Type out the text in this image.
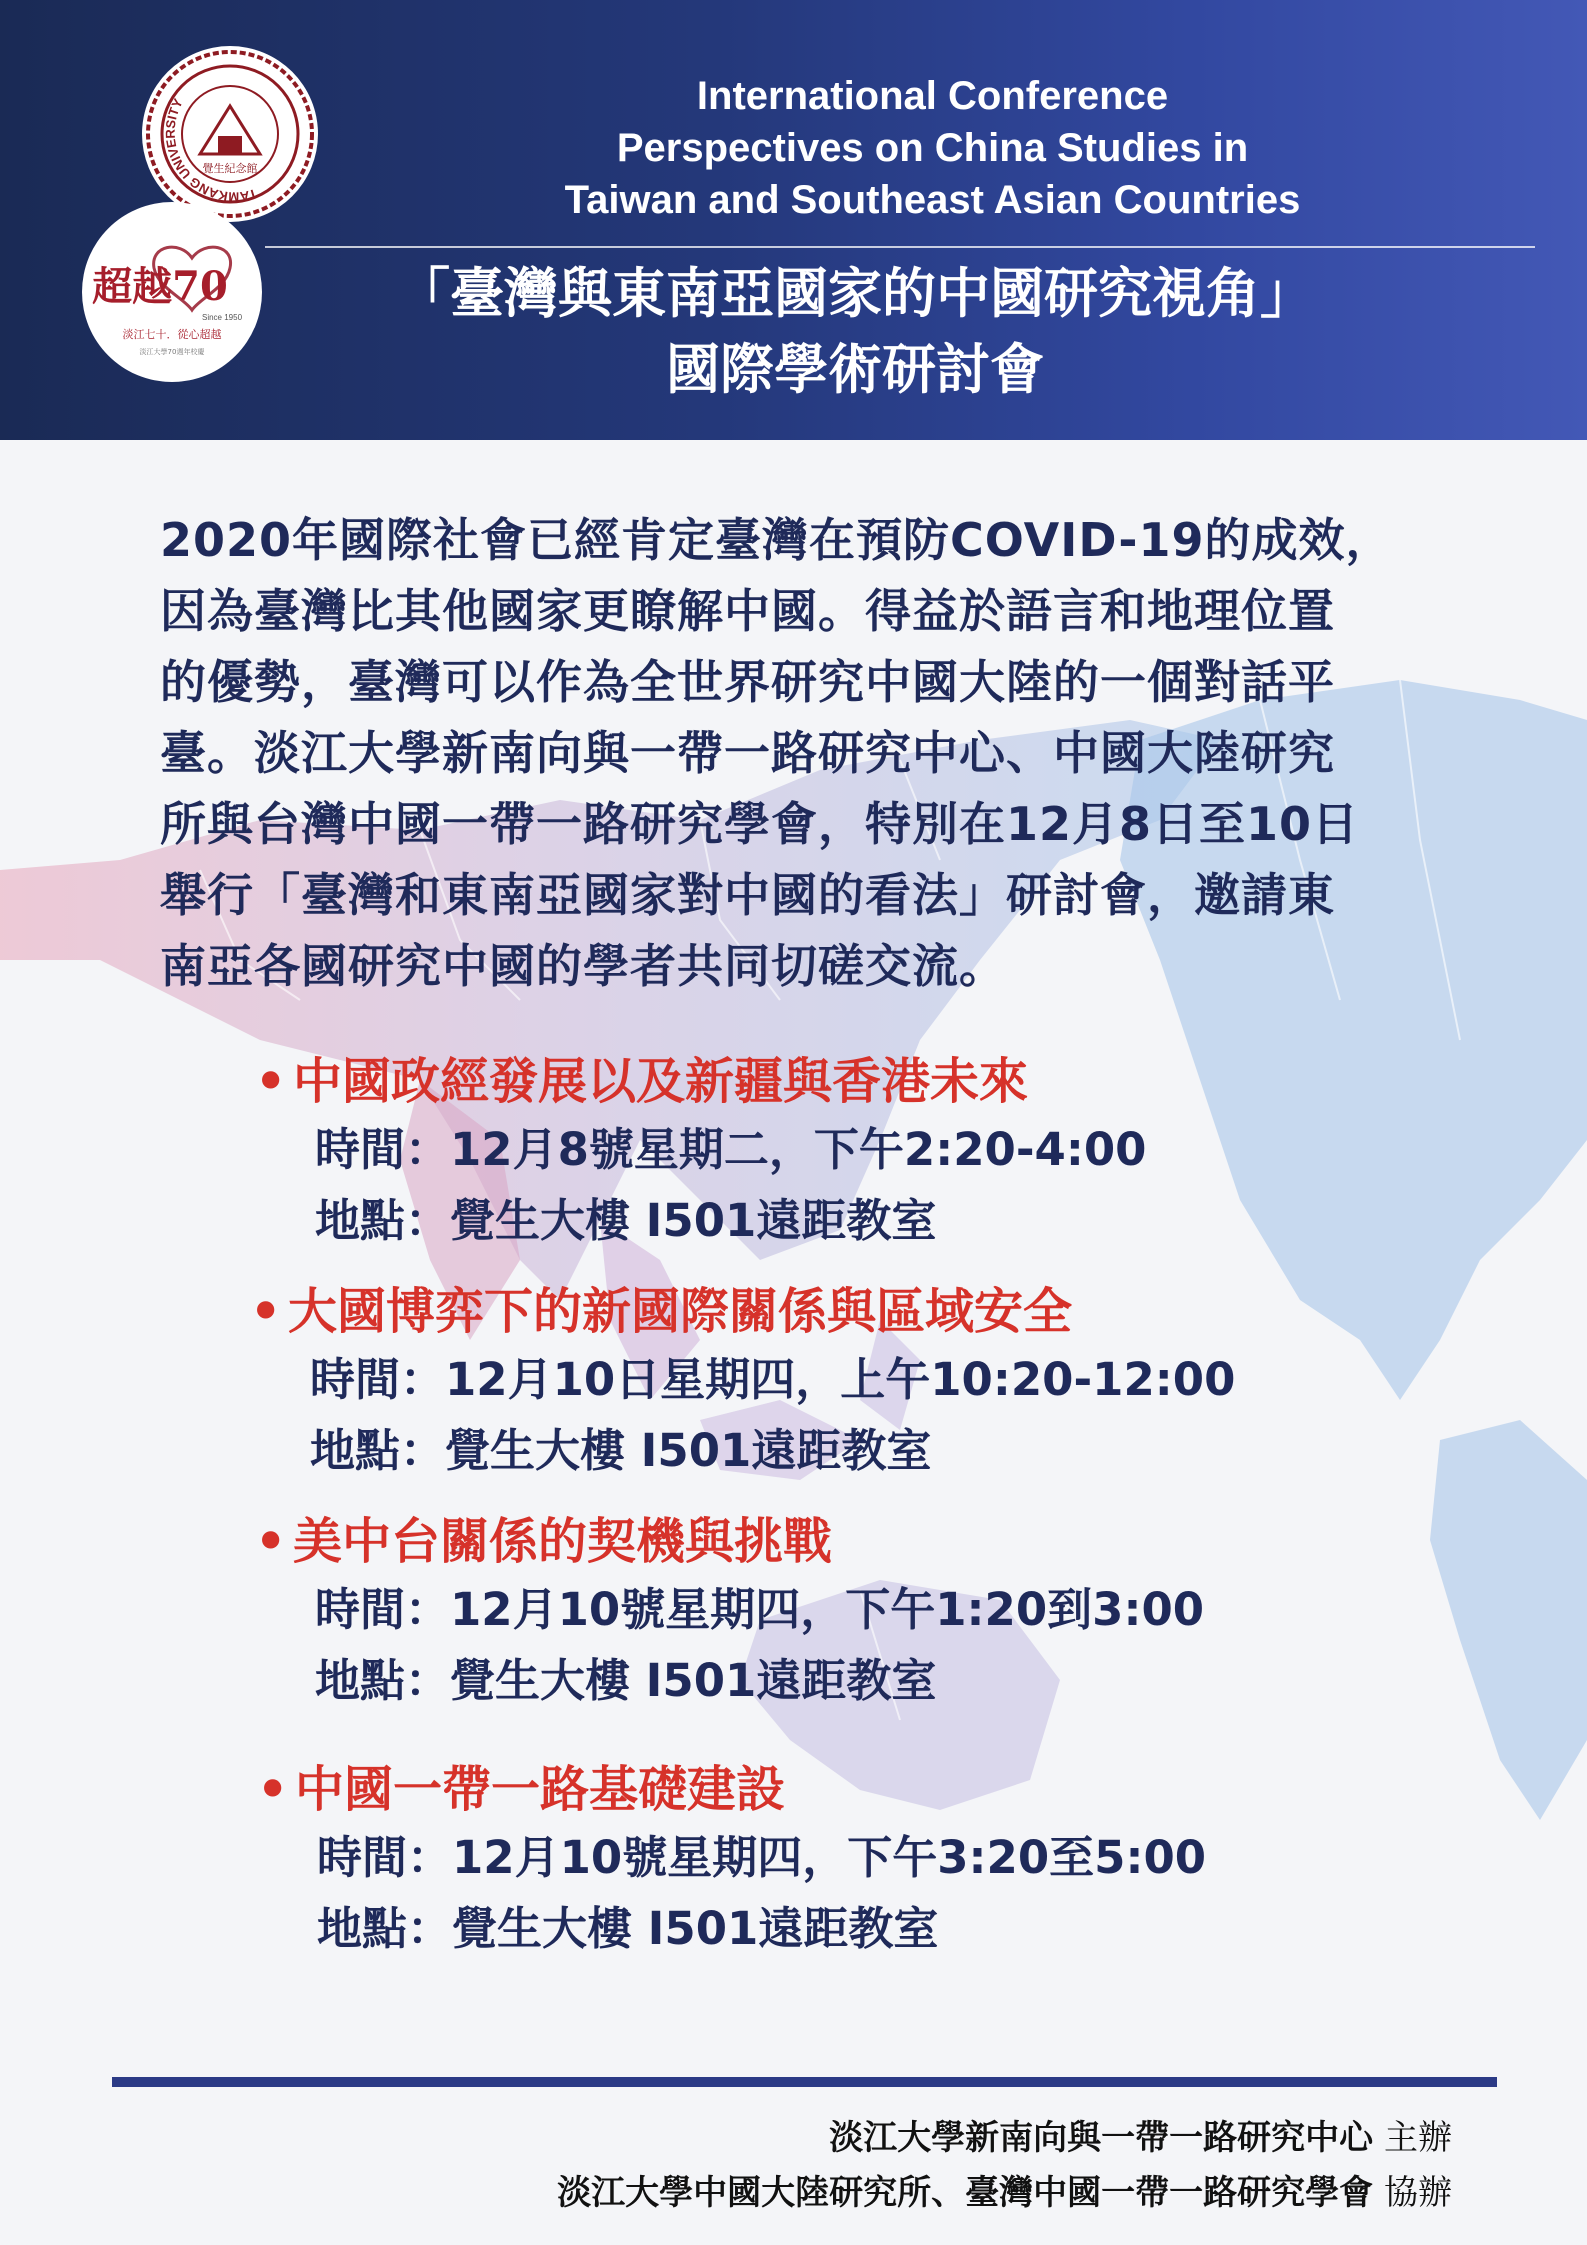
TAMKANG UNIVERSITY
覺生紀念館
超越70
Since 1950
淡江七十．從心超越
淡江大學70週年校慶
International Conference
Perspectives on China Studies in
Taiwan and Southeast Asian Countries
「臺灣與東南亞國家的中國研究視角」
國際學術研討會
2020年國際社會已經肯定臺灣在預防COVID-19的成效，
因為臺灣比其他國家更瞭解中國。得益於語言和地理位置
的優勢，臺灣可以作為全世界研究中國大陸的一個對話平
臺。淡江大學新南向與一帶一路研究中心、中國大陸研究
所與台灣中國一帶一路研究學會，特別在12月8日至10日
舉行「臺灣和東南亞國家對中國的看法」研討會，邀請東
南亞各國研究中國的學者共同切磋交流。
• 中國政經發展以及新疆與香港未來
時間：12月8號星期二，下午2:20-4:00
地點：覺生大樓 I501遠距教室
• 大國博弈下的新國際關係與區域安全
時間：12月10日星期四，上午10:20-12:00
地點：覺生大樓 I501遠距教室
• 美中台關係的契機與挑戰
時間：12月10號星期四，下午1:20到3:00
地點：覺生大樓 I501遠距教室
• 中國一帶一路基礎建設
時間：12月10號星期四，下午3:20至5:00
地點：覺生大樓 I501遠距教室
淡江大學新南向與一帶一路研究中心 主辦
淡江大學中國大陸研究所、臺灣中國一帶一路研究學會 協辦
